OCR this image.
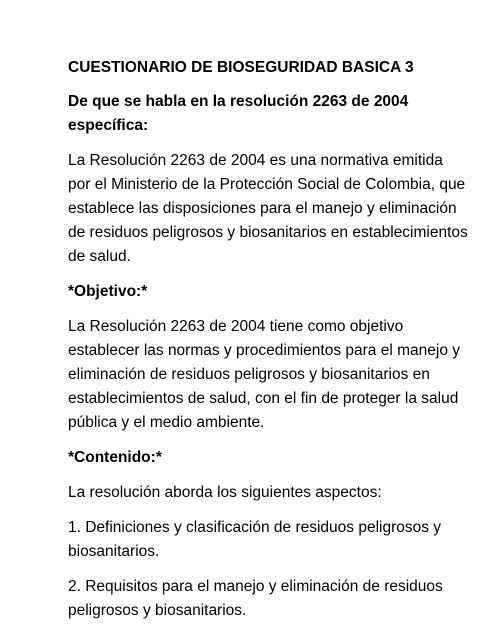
CUESTIONARIO DE BIOSEGURIDAD BASICA 3
De que se habla en la resolución 2263 de 2004 específica:
La Resolución 2263 de 2004 es una normativa emitida por el Ministerio de la Protección Social de Colombia, que establece las disposiciones para el manejo y eliminación de residuos peligrosos y biosanitarios en establecimientos de salud.
*Objetivo:*
La Resolución 2263 de 2004 tiene como objetivo establecer las normas y procedimientos para el manejo y eliminación de residuos peligrosos y biosanitarios en establecimientos de salud, con el fin de proteger la salud pública y el medio ambiente.
*Contenido:*
La resolución aborda los siguientes aspectos:
1. Definiciones y clasificación de residuos peligrosos y biosanitarios.
2. Requisitos para el manejo y eliminación de residuos peligrosos y biosanitarios.
